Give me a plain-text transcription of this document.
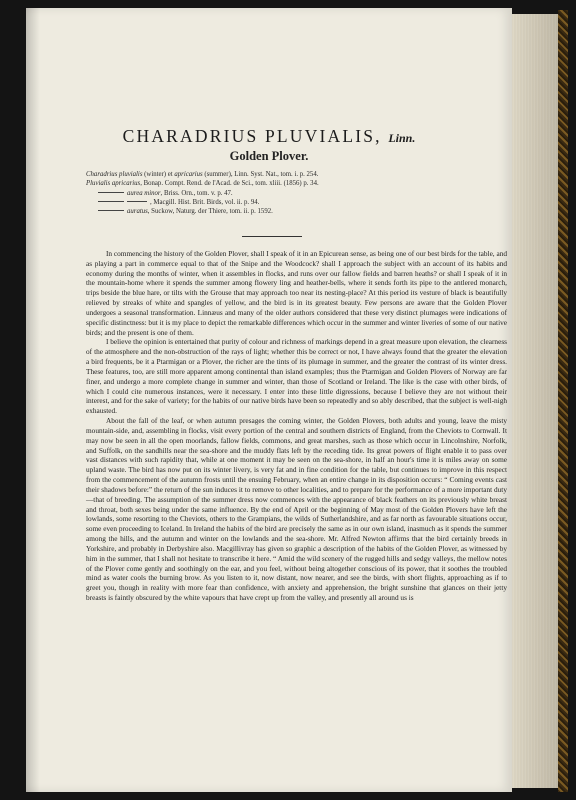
CHARADRIUS PLUVIALIS, Linn.
Golden Plover.
Charadrius pluvialis (winter) et apricarius (summer), Linn. Syst. Nat., tom. i. p. 254.
Pluvialis apricarius, Bonap. Compt. Rend. de l'Acad. de Sci., tom. xliii. (1856) p. 34.
aurea minor, Briss. Orn., tom. v. p. 47.
, Macgill. Hist. Brit. Birds, vol. ii. p. 94.
auratus, Suckow, Naturg. der Thiere, tom. ii. p. 1592.

In commencing the history of the Golden Plover, shall I speak of it in an Epicurean sense, as being one of our best birds for the table, and as playing a part in commerce equal to that of the Snipe and the Woodcock? shall I approach the subject with an account of its habits and economy during the months of winter, when it assembles in flocks, and runs over our fallow fields and barren heaths? or shall I speak of it in the mountain-home where it spends the summer among flowery ling and heather-bells, where it sends forth its pipe to the antlered monarch, trips beside the blue hare, or tilts with the Grouse that may approach too near its nesting-place? At this period its vesture of black is beautifully relieved by streaks of white and spangles of yellow, and the bird is in its greatest beauty. Few persons are aware that the Golden Plover undergoes a seasonal transformation. Linnæus and many of the older authors considered that these very distinct plumages were indications of specific distinctness: but it is my place to depict the remarkable differences which occur in the summer and winter liveries of some of our native birds; and the present is one of them.

I believe the opinion is entertained that purity of colour and richness of markings depend in a great measure upon elevation, the clearness of the atmosphere and the non-obstruction of the rays of light; whether this be correct or not, I have always found that the greater the elevation a bird frequents, be it a Ptarmigan or a Plover, the richer are the tints of its plumage in summer, and the greater the contrast of its winter dress. These features, too, are still more apparent among continental than island examples; thus the Ptarmigan and Golden Plovers of Norway are far finer, and undergo a more complete change in summer and winter, than those of Scotland or Ireland. The like is the case with other birds, of which I could cite numerous instances, were it necessary. I enter into these little digressions, because I believe they are not without their interest, and for the sake of variety; for the habits of our native birds have been so repeatedly and so ably described, that the subject is well-nigh exhausted.

About the fall of the leaf, or when autumn presages the coming winter, the Golden Plovers, both adults and young, leave the misty mountain-side, and, assembling in flocks, visit every portion of the central and southern districts of England, from the Cheviots to Cornwall. It may now be seen in all the open moorlands, fallow fields, commons, and great marshes, such as those which occur in Lincolnshire, Norfolk, and Suffolk, on the sandhills near the sea-shore and the muddy flats left by the receding tide. Its great powers of flight enable it to pass over vast distances with such rapidity that, while at one moment it may be seen on the sea-shore, in half an hour's time it is miles away on some upland waste. The bird has now put on its winter livery, is very fat and in fine condition for the table, but continues to improve in this respect from the commencement of the autumn frosts until the ensuing February, when an entire change in its disposition occurs: “ Coming events cast their shadows before:” the return of the sun induces it to remove to other localities, and to prepare for the performance of a more important duty—that of breeding. The assumption of the summer dress now commences with the appearance of black feathers on its previously white breast and throat, both sexes being under the same influence. By the end of April or the beginning of May most of the Golden Plovers have left the lowlands, some resorting to the Cheviots, others to the Grampians, the wilds of Sutherlandshire, and as far north as favourable situations occur, some even proceeding to Iceland. In Ireland the habits of the bird are precisely the same as in our own island, inasmuch as it spends the summer among the hills, and the autumn and winter on the lowlands and the sea-shore. Mr. Alfred Newton affirms that the bird certainly breeds in Yorkshire, and probably in Derbyshire also. Macgillivray has given so graphic a description of the habits of the Golden Plover, as witnessed by him in the summer, that I shall not hesitate to transcribe it here. “ Amid the wild scenery of the rugged hills and sedgy valleys, the mellow notes of the Plover come gently and soothingly on the ear, and you feel, without being altogether conscious of its power, that it soothes the troubled mind as water cools the burning brow. As you listen to it, now distant, now nearer, and see the birds, with short flights, approaching as if to greet you, though in reality with more fear than confidence, with anxiety and apprehension, the bright sunshine that glances on their jetty breasts is faintly obscured by the white vapours that have crept up from the valley, and presently all around us is
